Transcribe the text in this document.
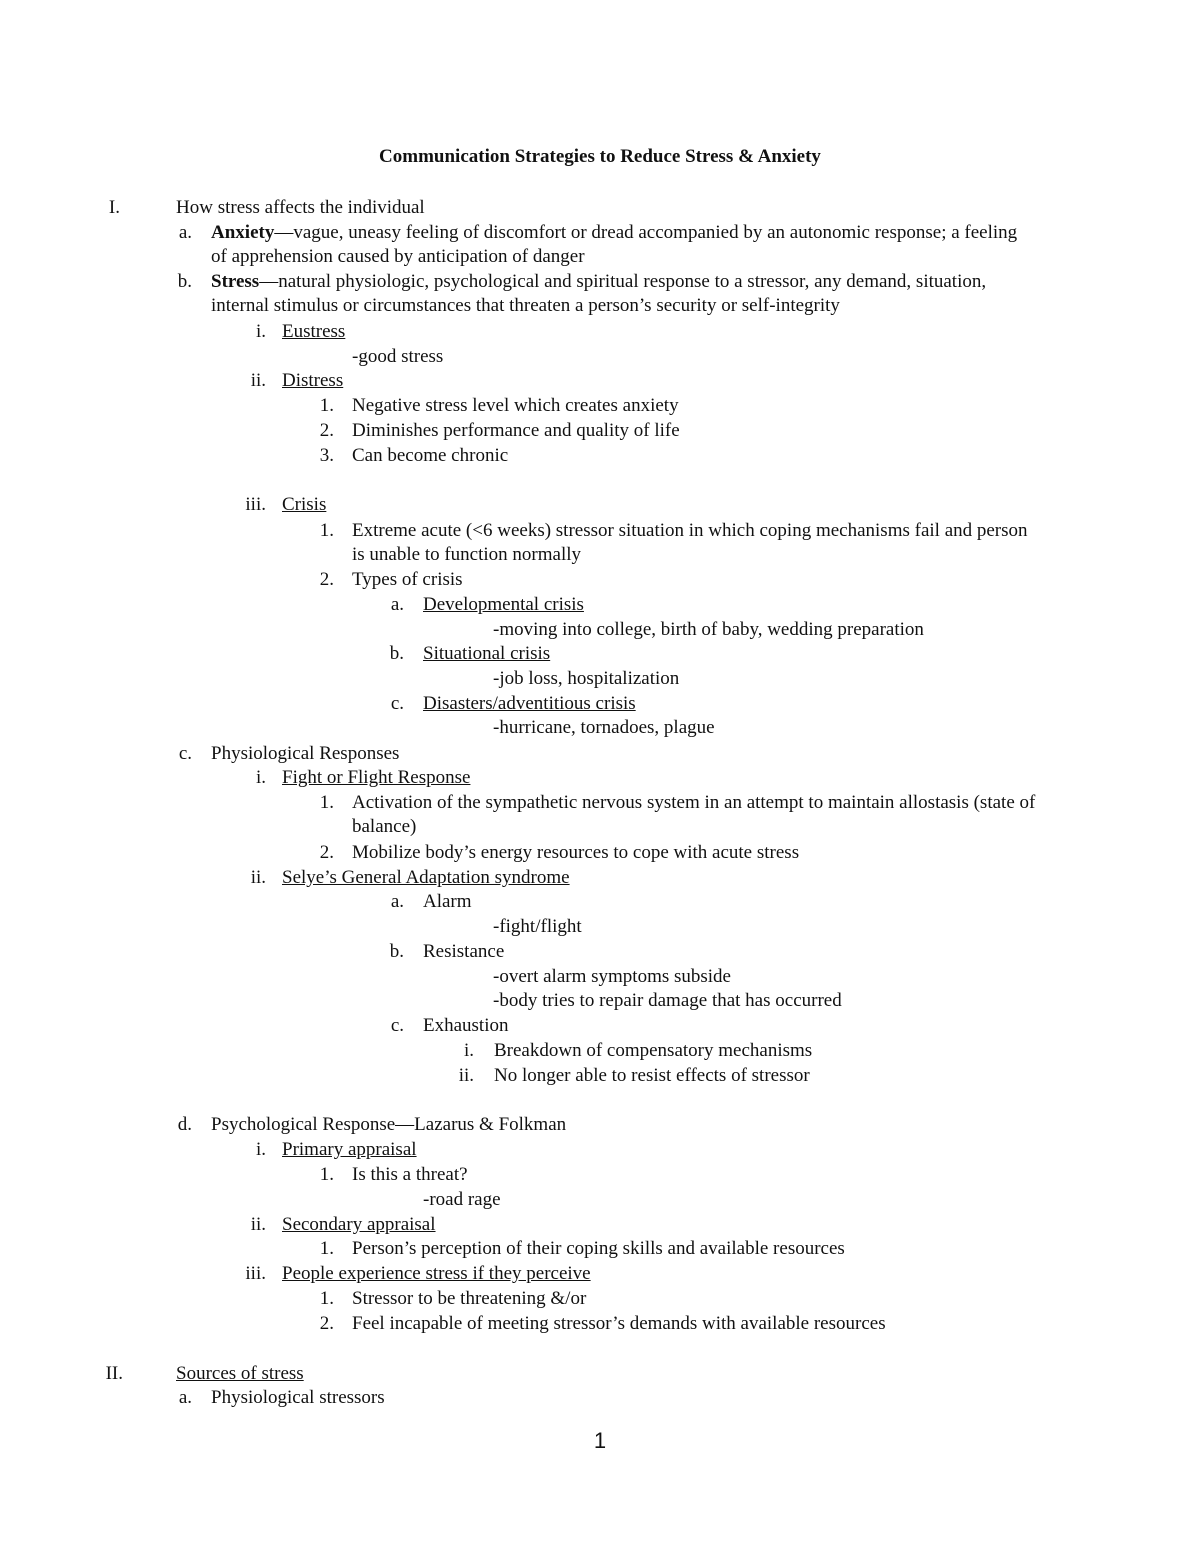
Communication Strategies to Reduce Stress & Anxiety
I.	How stress affects the individual
a. Anxiety—vague, uneasy feeling of discomfort or dread accompanied by an autonomic response; a feeling
of apprehension caused by anticipation of danger
b. Stress—natural physiologic, psychological and spiritual response to a stressor, any demand, situation,
internal stimulus or circumstances that threaten a person’s security or self-integrity
i. Eustress
-good stress
ii. Distress
1. Negative stress level which creates anxiety
2. Diminishes performance and quality of life
3. Can become chronic
iii. Crisis
1. Extreme acute (<6 weeks) stressor situation in which coping mechanisms fail and person
is unable to function normally
2. Types of crisis
a. Developmental crisis
-moving into college, birth of baby, wedding preparation
b. Situational crisis
-job loss, hospitalization
c. Disasters/adventitious crisis
-hurricane, tornadoes, plague
c. Physiological Responses
i. Fight or Flight Response
1. Activation of the sympathetic nervous system in an attempt to maintain allostasis (state of
balance)
2. Mobilize body’s energy resources to cope with acute stress
ii. Selye’s General Adaptation syndrome
a. Alarm
-fight/flight
b. Resistance
-overt alarm symptoms subside
-body tries to repair damage that has occurred
c. Exhaustion
i. Breakdown of compensatory mechanisms
ii. No longer able to resist effects of stressor
d. Psychological Response—Lazarus & Folkman
i. Primary appraisal
1. Is this a threat?
-road rage
ii. Secondary appraisal
1. Person’s perception of their coping skills and available resources
iii. People experience stress if they perceive
1. Stressor to be threatening &/or
2. Feel incapable of meeting stressor’s demands with available resources
II.	Sources of stress
a. Physiological stressors
1
